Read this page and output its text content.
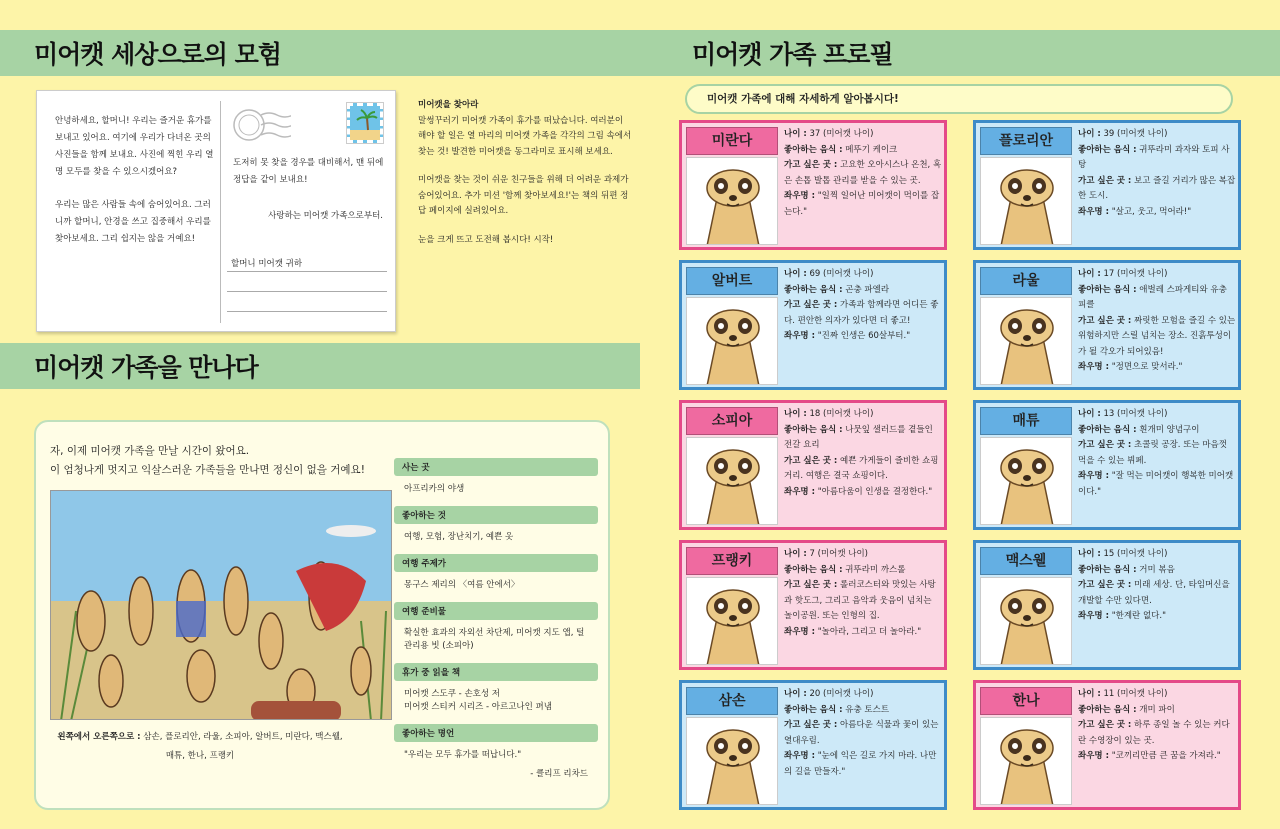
미어캣 세상으로의 모험

안녕하세요, 할머니! 우리는 즐거운 휴가를 보내고 있어요. 여기에 우리가 다녀온 곳의 사진들을 함께 보내요. 사진에 찍힌 우리 열 명 모두를 찾을 수 있으시겠어요?

우리는 많은 사람들 속에 숨어있어요. 그러니까 할머니, 안경을 쓰고 집중해서 우리를 찾아보세요. 그리 쉽지는 않을 거예요!

도저히 못 찾을 경우를 대비해서, 맨 뒤에 정답을 같이 보내요!
사랑하는 미어캣 가족으로부터.
할머니 미어캣 귀하
미어캣을 찾아라

말썽꾸러기 미어캣 가족이 휴가를 떠났습니다. 여러분이 해야 할 일은 열 마리의 미어캣 가족을 각각의 그림 속에서 찾는 것! 발견한 미어캣을 동그라미로 표시해 보세요.

미어캣을 찾는 것이 쉬운 친구들을 위해 더 어려운 과제가 숨어있어요. 추가 미션 '함께 찾아보세요!'는 책의 뒤편 정답 페이지에 실려있어요.

눈을 크게 뜨고 도전해 봅시다! 시작!

미어캣 가족을 만나다
자, 이제 미어캣 가족을 만날 시간이 왔어요.
이 엄청나게 멋지고 익살스러운 가족들을 만나면 정신이 없을 거예요!
왼쪽에서 오른쪽으로 : 삼손, 플로리안, 라울, 소피아, 알버트, 미란다, 맥스웰,
매튜, 한나, 프랭키
사는 곳
아프리카의 야생
좋아하는 것
여행, 모험, 장난치기, 예쁜 옷
여행 주제가
몽구스 제리의 〈여름 안에서〉
여행 준비물
확실한 효과의 자외선 차단제, 미어캣 지도 앱, 털 관리용 빗 (소피아)
휴가 중 읽을 책
미어캣 스도쿠 - 손호성 저
미어캣 스티커 시리즈 - 아르고나인 펴냄
좋아하는 명언
"우리는 모두 휴가를 떠납니다."
- 클리프 리차드
미어캣 가족 프로필
미어캣 가족에 대해 자세하게 알아봅시다!
미란다	나이 : 37 (미어캣 나이)
좋아하는 음식 : 메뚜기 케이크
가고 싶은 곳 : 고요한 오아시스나 온천, 혹은 손톱 발톱 관리를 받을 수 있는 곳.
좌우명 : "일찍 일어난 미어캣이 먹이를 잡는다."
플로리안	나이 : 39 (미어캣 나이)
좋아하는 음식 : 귀뚜라미 과자와 토피 사탕
가고 싶은 곳 : 보고 즐길 거리가 많은 복잡한 도시.
좌우명 : "살고, 웃고, 먹어라!"
알버트	나이 : 69 (미어캣 나이)
좋아하는 음식 : 곤충 파엘라
가고 싶은 곳 : 가족과 함께라면 어디든 좋다. 편안한 의자가 있다면 더 좋고!
좌우명 : "진짜 인생은 60살부터."
라울	나이 : 17 (미어캣 나이)
좋아하는 음식 : 애벌레 스파게티와 유충 피클
가고 싶은 곳 : 짜릿한 모험을 즐길 수 있는 위험하지만 스릴 넘치는 장소. 진흙투성이가 될 각오가 되어있음!
좌우명 : "정면으로 맞서라."
소피아	나이 : 18 (미어캣 나이)
좋아하는 음식 : 나뭇잎 샐러드를 곁들인 전갈 요리
가고 싶은 곳 : 예쁜 가게들이 즐비한 쇼핑 거리. 여행은 결국 쇼핑이다.
좌우명 : "아름다움이 인생을 결정한다."
매튜	나이 : 13 (미어캣 나이)
좋아하는 음식 : 흰개미 양념구이
가고 싶은 곳 : 초콜릿 공장. 또는 마음껏 먹을 수 있는 뷔페.
좌우명 : "잘 먹는 미어캣이 행복한 미어캣이다."
프랭키	나이 : 7 (미어캣 나이)
좋아하는 음식 : 귀뚜라미 까스롤
가고 싶은 곳 : 롤러코스터와 맛있는 사탕과 핫도그, 그리고 음악과 웃음이 넘치는 놀이공원. 또는 인형의 집.
좌우명 : "놀아라, 그리고 더 놀아라."
맥스웰	나이 : 15 (미어캣 나이)
좋아하는 음식 : 거미 볶음
가고 싶은 곳 : 미래 세상. 단, 타임머신을 개발할 수만 있다면.
좌우명 : "한계란 없다."
삼손	나이 : 20 (미어캣 나이)
좋아하는 음식 : 유충 토스트
가고 싶은 곳 : 아름다운 식물과 꽃이 있는 열대우림.
좌우명 : "눈에 익은 길로 가지 마라. 나만의 길을 만들자."
한나	나이 : 11 (미어캣 나이)
좋아하는 음식 : 개미 파이
가고 싶은 곳 : 하루 종일 놀 수 있는 커다란 수영장이 있는 곳.
좌우명 : "코끼리만큼 큰 꿈을 가져라."
